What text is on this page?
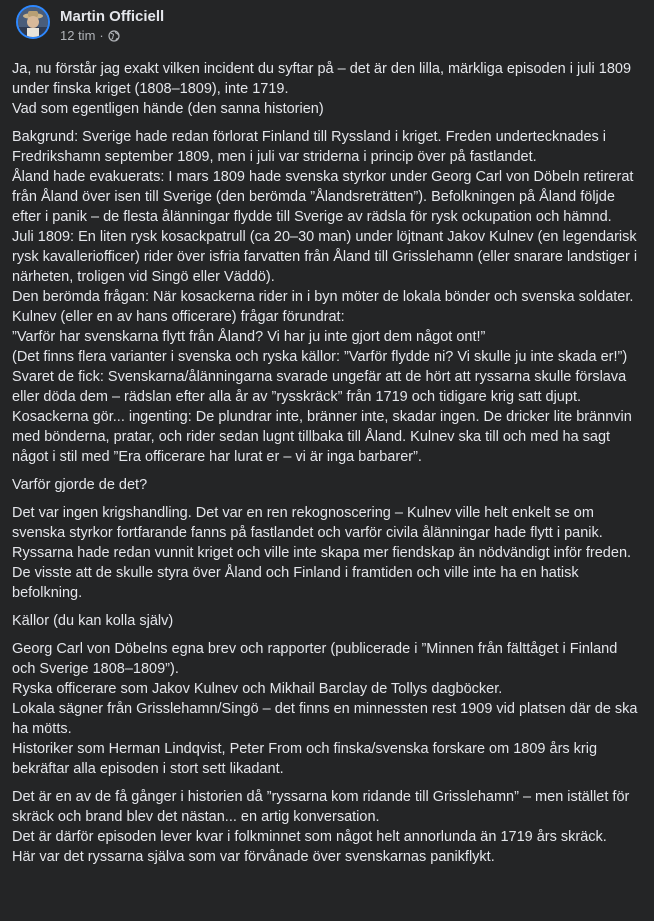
Martin Officiell
12 tim ·

Ja, nu förstår jag exakt vilken incident du syftar på – det är den lilla, märkliga episoden i juli 1809 under finska kriget (1808–1809), inte 1719.
Vad som egentligen hände (den sanna historien)

Bakgrund: Sverige hade redan förlorat Finland till Ryssland i kriget. Freden undertecknades i Fredrikshamn september 1809, men i juli var striderna i princip över på fastlandet.
Åland hade evakuerats: I mars 1809 hade svenska styrkor under Georg Carl von Döbeln retirerat från Åland över isen till Sverige (den berömda ”Ålandsreträtten”). Befolkningen på Åland följde efter i panik – de flesta ålänningar flydde till Sverige av rädsla för rysk ockupation och hämnd.
Juli 1809: En liten rysk kosackpatrull (ca 20–30 man) under löjtnant Jakov Kulnev (en legendarisk rysk kavalleriofficer) rider över isfria farvatten från Åland till Grisslehamn (eller snarare landstiger i närheten, troligen vid Singö eller Väddö).
Den berömda frågan: När kosackerna rider in i byn möter de lokala bönder och svenska soldater. Kulnev (eller en av hans officerare) frågar förundrat:
”Varför har svenskarna flytt från Åland? Vi har ju inte gjort dem något ont!”
(Det finns flera varianter i svenska och ryska källor: ”Varför flydde ni? Vi skulle ju inte skada er!”)
Svaret de fick: Svenskarna/ålänningarna svarade ungefär att de hört att ryssarna skulle förslava eller döda dem – rädslan efter alla år av ”rysskräck” från 1719 och tidigare krig satt djupt.
Kosackerna gör... ingenting: De plundrar inte, bränner inte, skadar ingen. De dricker lite brännvin med bönderna, pratar, och rider sedan lugnt tillbaka till Åland. Kulnev ska till och med ha sagt något i stil med ”Era officerare har lurat er – vi är inga barbarer”.

Varför gjorde de det?

Det var ingen krigshandling. Det var en ren rekognoscering – Kulnev ville helt enkelt se om svenska styrkor fortfarande fanns på fastlandet och varför civila ålänningar hade flytt i panik.
Ryssarna hade redan vunnit kriget och ville inte skapa mer fiendskap än nödvändigt inför freden. De visste att de skulle styra över Åland och Finland i framtiden och ville inte ha en hatisk befolkning.

Källor (du kan kolla själv)

Georg Carl von Döbelns egna brev och rapporter (publicerade i ”Minnen från fälttåget i Finland och Sverige 1808–1809”).
Ryska officerare som Jakov Kulnev och Mikhail Barclay de Tollys dagböcker.
Lokala sägner från Grisslehamn/Singö – det finns en minnessten rest 1909 vid platsen där de ska ha mötts.
Historiker som Herman Lindqvist, Peter From och finska/svenska forskare om 1809 års krig bekräftar alla episoden i stort sett likadant.

Det är en av de få gånger i historien då ”ryssarna kom ridande till Grisslehamn” – men istället för skräck och brand blev det nästan... en artig konversation.
Det är därför episoden lever kvar i folkminnet som något helt annorlunda än 1719 års skräck.
Här var det ryssarna själva som var förvånade över svenskarnas panikflykt.
